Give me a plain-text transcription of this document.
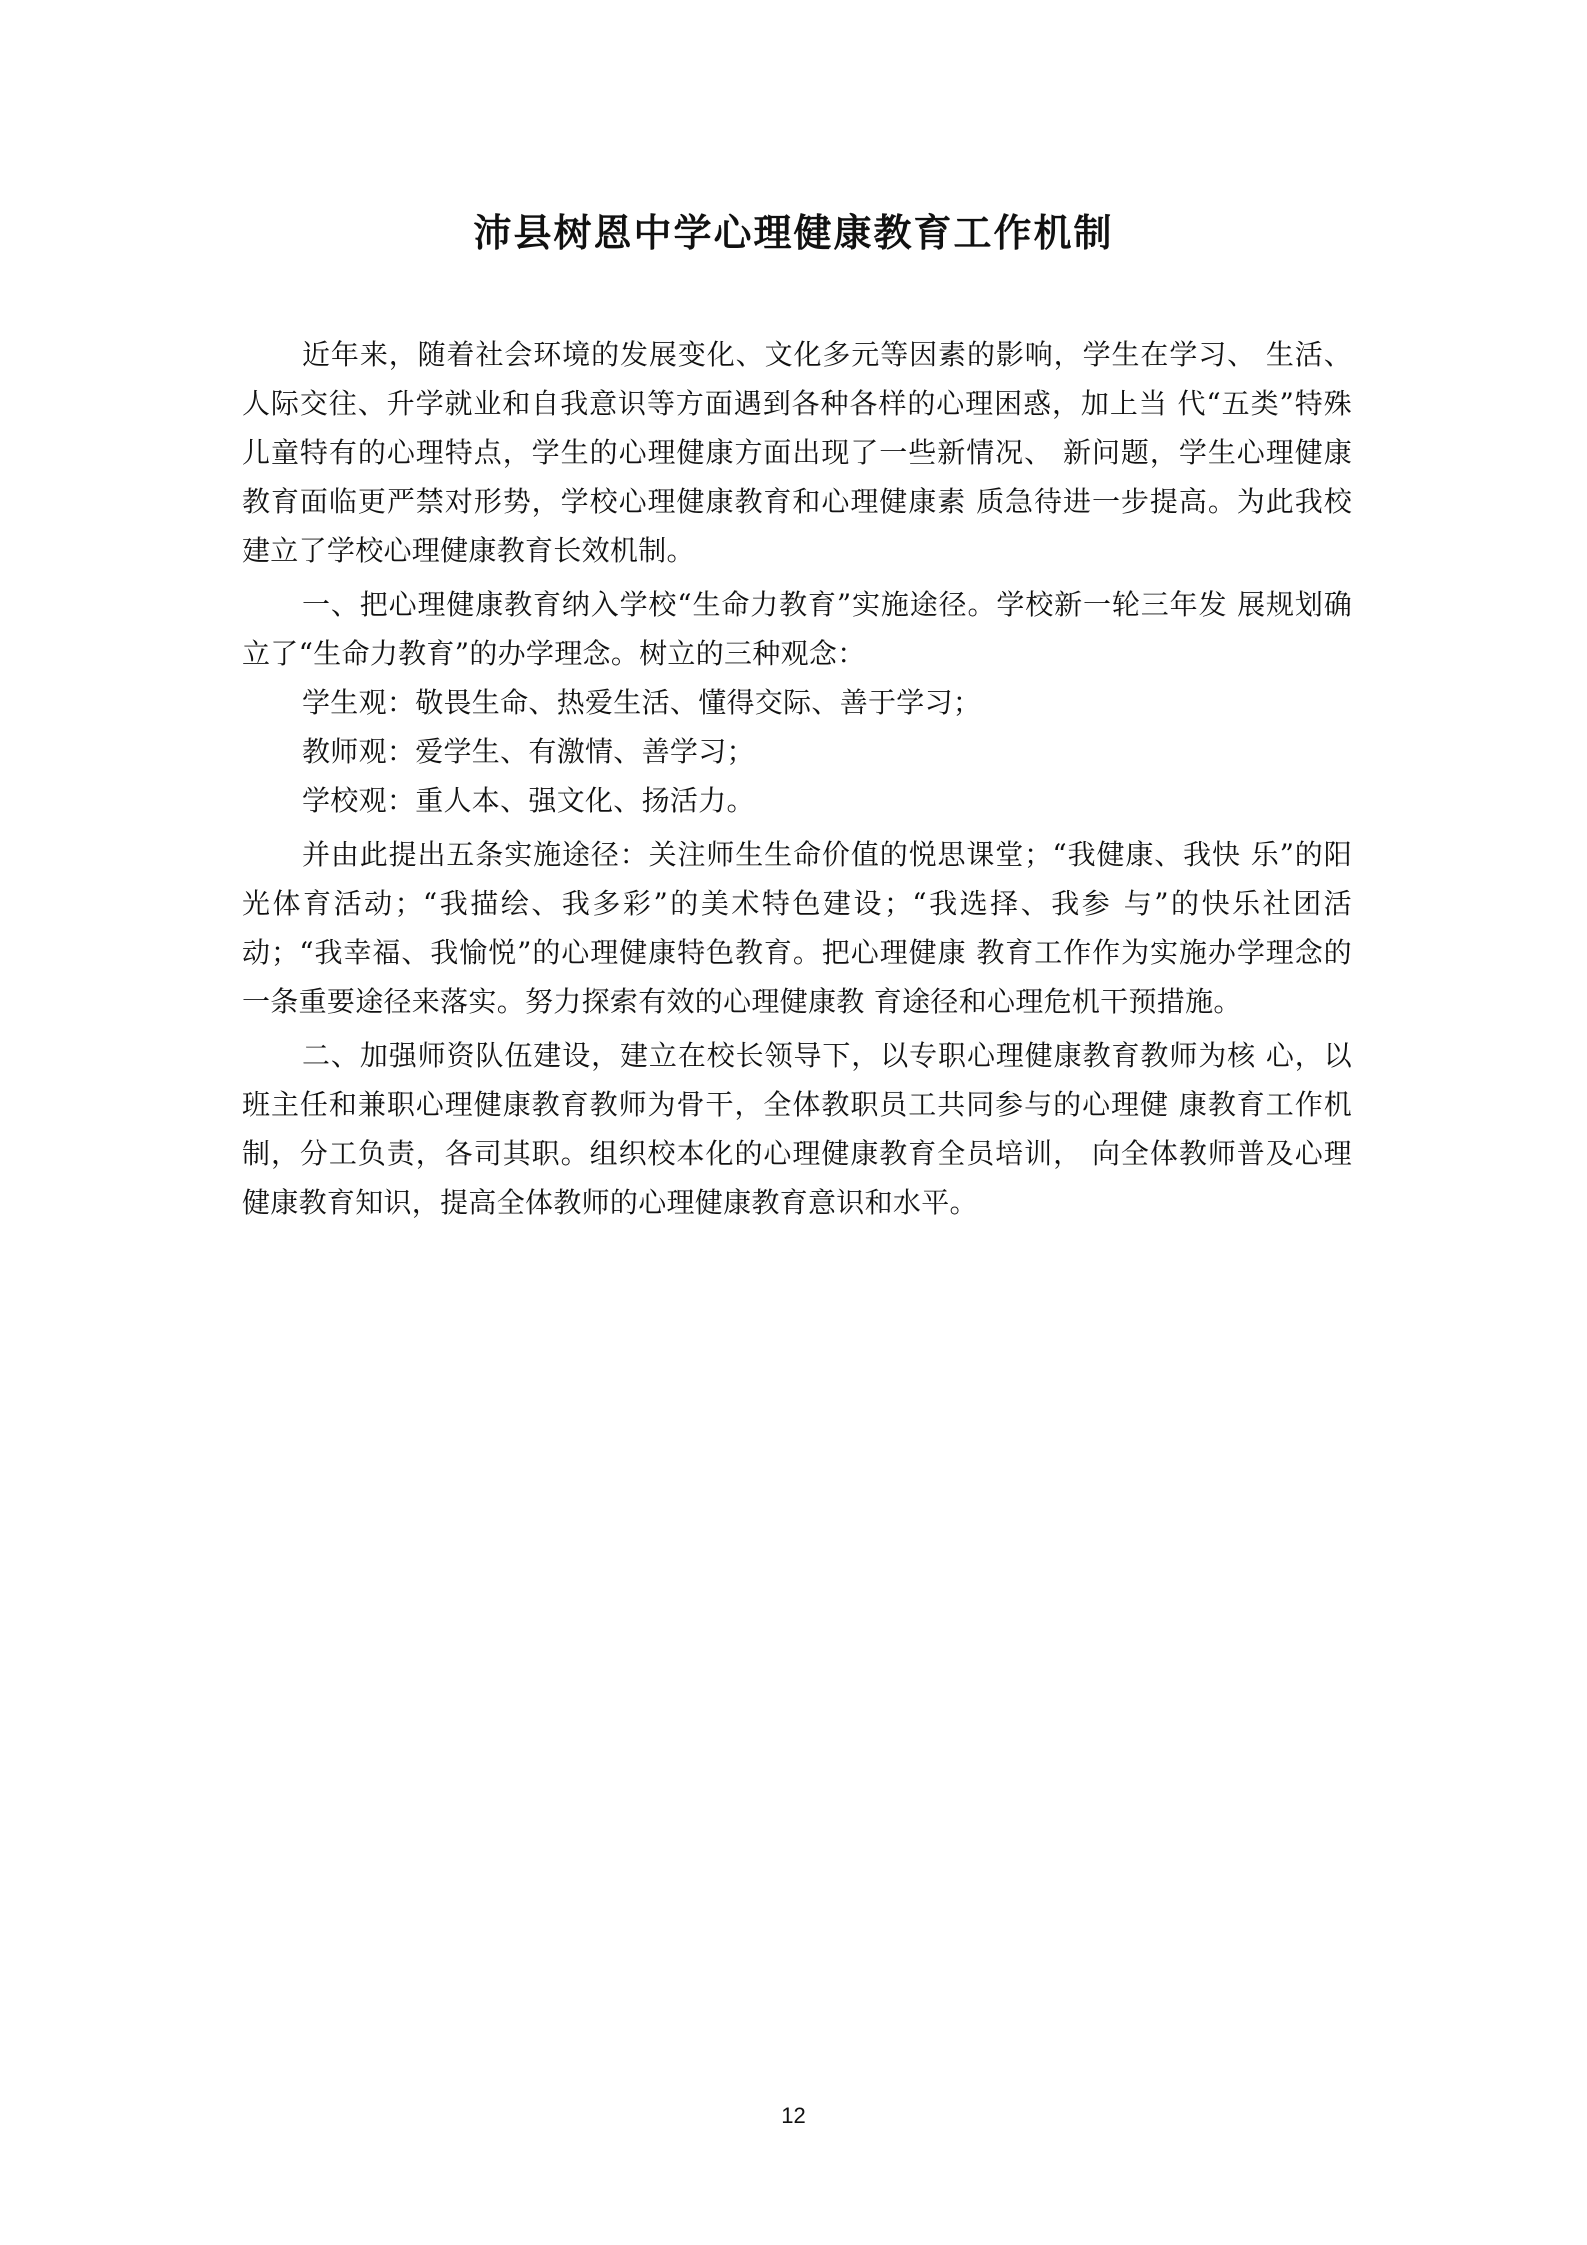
沛县树恩中学心理健康教育工作机制

近年来，随着社会环境的发展变化、文化多元等因素的影响，学生在学习、 生活、人际交往、升学就业和自我意识等方面遇到各种各样的心理困惑，加上当 代“五类”特殊儿童特有的心理特点，学生的心理健康方面出现了一些新情况、 新问题，学生心理健康教育面临更严禁对形势，学校心理健康教育和心理健康素 质急待进一步提高。为此我校建立了学校心理健康教育长效机制。

一、把心理健康教育纳入学校“生命力教育”实施途径。学校新一轮三年发 展规划确立了“生命力教育”的办学理念。树立的三种观念：

学生观：敬畏生命、热爱生活、懂得交际、善于学习；

教师观：爱学生、有激情、善学习；

学校观：重人本、强文化、扬活力。

并由此提出五条实施途径：关注师生生命价值的悦思课堂；“我健康、我快 乐”的阳光体育活动；“我描绘、我多彩”的美术特色建设；“我选择、我参 与”的快乐社团活动；“我幸福、我愉悦”的心理健康特色教育。把心理健康 教育工作作为实施办学理念的一条重要途径来落实。努力探索有效的心理健康教 育途径和心理危机干预措施。

二、加强师资队伍建设，建立在校长领导下，以专职心理健康教育教师为核 心，以班主任和兼职心理健康教育教师为骨干，全体教职员工共同参与的心理健 康教育工作机制，分工负责，各司其职。组织校本化的心理健康教育全员培训， 向全体教师普及心理健康教育知识，提高全体教师的心理健康教育意识和水平。

12
